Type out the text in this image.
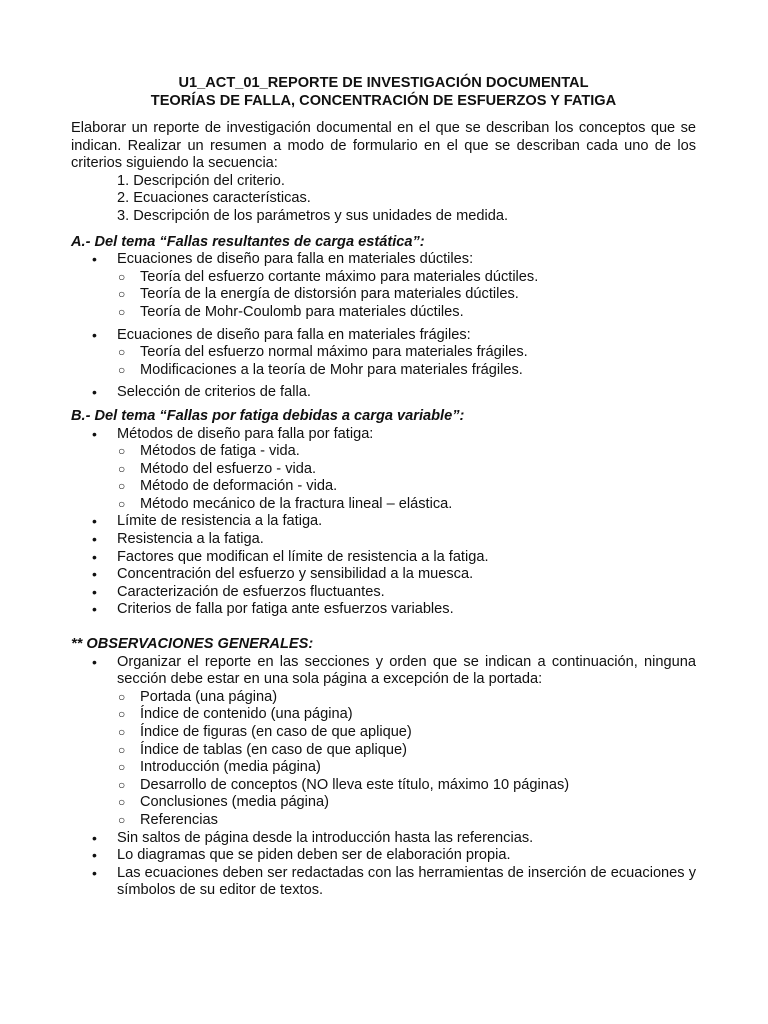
U1_ACT_01_REPORTE DE INVESTIGACIÓN DOCUMENTAL

TEORÍAS DE FALLA, CONCENTRACIÓN DE ESFUERZOS Y FATIGA

Elaborar un reporte de investigación documental en el que se describan los conceptos que se indican. Realizar un resumen a modo de formulario en el que se describan cada uno de los criterios siguiendo la secuencia:

1. Descripción del criterio.
2. Ecuaciones características.
3. Descripción de los parámetros y sus unidades de medida.

A.- Del tema “Fallas resultantes de carga estática”:

• Ecuaciones de diseño para falla en materiales dúctiles:
○ Teoría del esfuerzo cortante máximo para materiales dúctiles.
○ Teoría de la energía de distorsión para materiales dúctiles.
○ Teoría de Mohr-Coulomb para materiales dúctiles.
• Ecuaciones de diseño para falla en materiales frágiles:
○ Teoría del esfuerzo normal máximo para materiales frágiles.
○ Modificaciones a la teoría de Mohr para materiales frágiles.
• Selección de criterios de falla.

B.- Del tema “Fallas por fatiga debidas a carga variable”:

• Métodos de diseño para falla por fatiga:
○ Métodos de fatiga - vida.
○ Método del esfuerzo - vida.
○ Método de deformación - vida.
○ Método mecánico de la fractura lineal – elástica.
• Límite de resistencia a la fatiga.
• Resistencia a la fatiga.
• Factores que modifican el límite de resistencia a la fatiga.
• Concentración del esfuerzo y sensibilidad a la muesca.
• Caracterización de esfuerzos fluctuantes.
• Criterios de falla por fatiga ante esfuerzos variables.

** OBSERVACIONES GENERALES:

• Organizar el reporte en las secciones y orden que se indican a continuación, ninguna sección debe estar en una sola página a excepción de la portada:
○ Portada (una página)
○ Índice de contenido (una página)
○ Índice de figuras (en caso de que aplique)
○ Índice de tablas (en caso de que aplique)
○ Introducción (media página)
○ Desarrollo de conceptos (NO lleva este título, máximo 10 páginas)
○ Conclusiones (media página)
○ Referencias
• Sin saltos de página desde la introducción hasta las referencias.
• Lo diagramas que se piden deben ser de elaboración propia.
• Las ecuaciones deben ser redactadas con las herramientas de inserción de ecuaciones y símbolos de su editor de textos.
